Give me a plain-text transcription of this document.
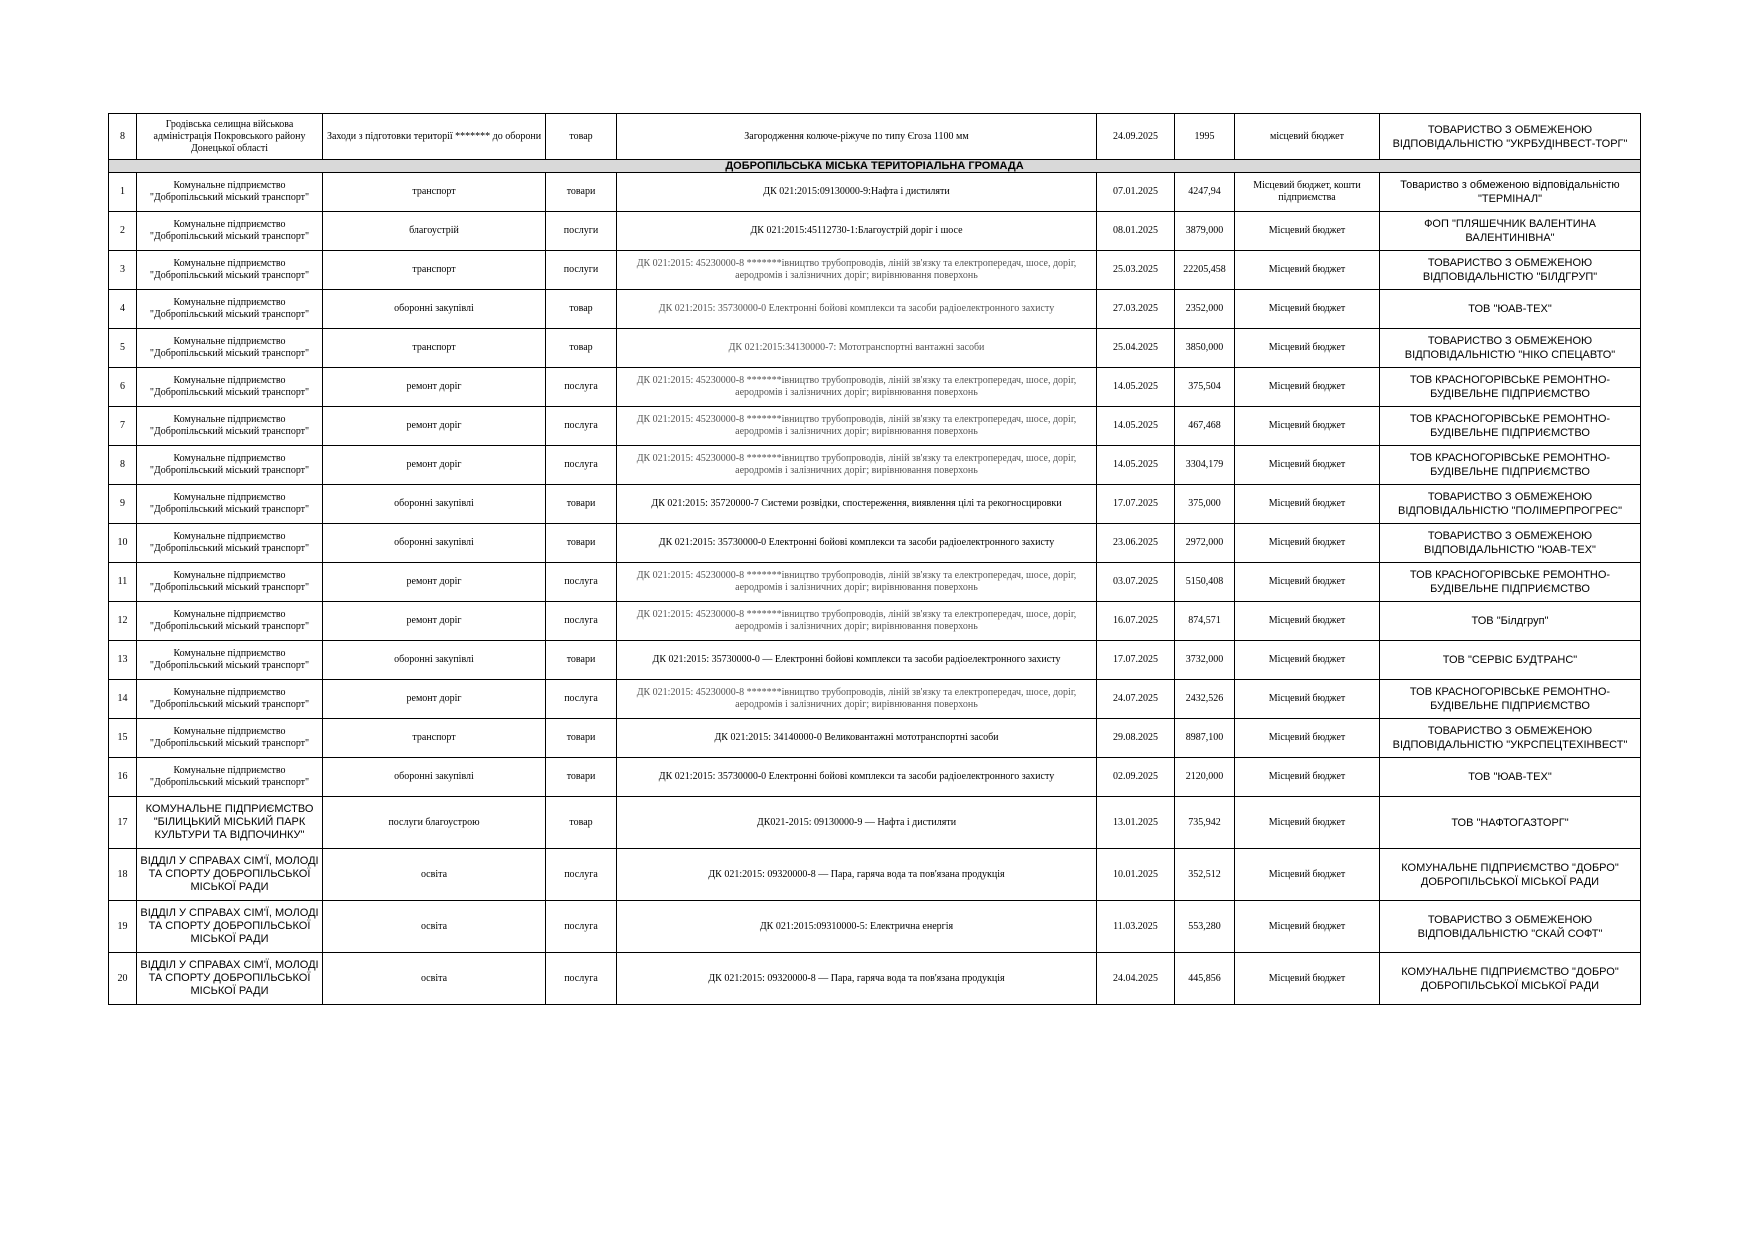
8	Гродівська селищна військова адміністрація Покровського району Донецької області	Заходи з підготовки території ******* до оборони	товар	Загородження колюче-ріжуче по типу Єгоза 1100 мм	24.09.2025	1995	місцевий бюджет	ТОВАРИСТВО З ОБМЕЖЕНОЮ ВІДПОВІДАЛЬНІСТЮ "УКРБУДІНВЕСТ-ТОРГ"
ДОБРОПІЛЬСЬКА МІСЬКА ТЕРИТОРІАЛЬНА ГРОМАДА								
1	Комунальне підприємство "Добропільський міський транспорт"	транспорт	товари	ДК 021:2015:09130000-9:Нафта і дистиляти	07.01.2025	4247,94	Місцевий бюджет, кошти підприємства	Товариство з обмеженою відповідальністю "ТЕРМІНАЛ"
2	Комунальне підприємство "Добропільський міський транспорт"	благоустрій	послуги	ДК 021:2015:45112730-1:Благоустрій доріг і шосе	08.01.2025	3879,000	Місцевий бюджет	ФОП "ПЛЯШЕЧНИК ВАЛЕНТИНА ВАЛЕНТИНІВНА"
3	Комунальне підприємство "Добропільський міський транспорт"	транспорт	послуги	ДК 021:2015: 45230000-8 *******івництво трубопроводів, ліній зв'язку та електропередач, шосе, доріг, аеродромів і залізничних доріг; вирівнювання поверхонь	25.03.2025	22205,458	Місцевий бюджет	ТОВАРИСТВО З ОБМЕЖЕНОЮ ВІДПОВІДАЛЬНІСТЮ "БІЛДГРУП"
4	Комунальне підприємство "Добропільський міський транспорт"	оборонні закупівлі	товар	ДК 021:2015: 35730000-0 Електронні бойові комплекси та засоби радіоелектронного захисту	27.03.2025	2352,000	Місцевий бюджет	ТОВ "ЮАВ-ТЕХ"
5	Комунальне підприємство "Добропільський міський транспорт"	транспорт	товар	ДК 021:2015:34130000-7: Мототранспортні вантажні засоби	25.04.2025	3850,000	Місцевий бюджет	ТОВАРИСТВО З ОБМЕЖЕНОЮ ВІДПОВІДАЛЬНІСТЮ "НІКО СПЕЦАВТО"
6	Комунальне підприємство "Добропільський міський транспорт"	ремонт доріг	послуга	ДК 021:2015: 45230000-8 *******івництво трубопроводів, ліній зв'язку та електропередач, шосе, доріг, аеродромів і залізничних доріг; вирівнювання поверхонь	14.05.2025	375,504	Місцевий бюджет	ТОВ КРАСНОГОРІВСЬКЕ РЕМОНТНО-БУДІВЕЛЬНЕ ПІДПРИЄМСТВО
7	Комунальне підприємство "Добропільський міський транспорт"	ремонт доріг	послуга	ДК 021:2015: 45230000-8 *******івництво трубопроводів, ліній зв'язку та електропередач, шосе, доріг, аеродромів і залізничних доріг; вирівнювання поверхонь	14.05.2025	467,468	Місцевий бюджет	ТОВ КРАСНОГОРІВСЬКЕ РЕМОНТНО-БУДІВЕЛЬНЕ ПІДПРИЄМСТВО
8	Комунальне підприємство "Добропільський міський транспорт"	ремонт доріг	послуга	ДК 021:2015: 45230000-8 *******івництво трубопроводів, ліній зв'язку та електропередач, шосе, доріг, аеродромів і залізничних доріг; вирівнювання поверхонь	14.05.2025	3304,179	Місцевий бюджет	ТОВ КРАСНОГОРІВСЬКЕ РЕМОНТНО-БУДІВЕЛЬНЕ ПІДПРИЄМСТВО
9	Комунальне підприємство "Добропільський міський транспорт"	оборонні закупівлі	товари	ДК 021:2015: 35720000-7 Системи розвідки, спостереження, виявлення цілі та рекогносцировки	17.07.2025	375,000	Місцевий бюджет	ТОВАРИСТВО З ОБМЕЖЕНОЮ ВІДПОВІДАЛЬНІСТЮ "ПОЛІМЕРПРОГРЕС"
10	Комунальне підприємство "Добропільський міський транспорт"	оборонні закупівлі	товари	ДК 021:2015: 35730000-0 Електронні бойові комплекси та засоби радіоелектронного захисту	23.06.2025	2972,000	Місцевий бюджет	ТОВАРИСТВО З ОБМЕЖЕНОЮ ВІДПОВІДАЛЬНІСТЮ "ЮАВ-ТЕХ"
11	Комунальне підприємство "Добропільський міський транспорт"	ремонт доріг	послуга	ДК 021:2015: 45230000-8 *******івництво трубопроводів, ліній зв'язку та електропередач, шосе, доріг, аеродромів і залізничних доріг; вирівнювання поверхонь	03.07.2025	5150,408	Місцевий бюджет	ТОВ КРАСНОГОРІВСЬКЕ РЕМОНТНО-БУДІВЕЛЬНЕ ПІДПРИЄМСТВО
12	Комунальне підприємство "Добропільський міський транспорт"	ремонт доріг	послуга	ДК 021:2015: 45230000-8 *******івництво трубопроводів, ліній зв'язку та електропередач, шосе, доріг, аеродромів і залізничних доріг; вирівнювання поверхонь	16.07.2025	874,571	Місцевий бюджет	ТОВ "Білдгруп"
13	Комунальне підприємство "Добропільський міський транспорт"	оборонні закупівлі	товари	ДК 021:2015: 35730000-0 — Електронні бойові комплекси та засоби радіоелектронного захисту	17.07.2025	3732,000	Місцевий бюджет	ТОВ "СЕРВІС БУДТРАНС"
14	Комунальне підприємство "Добропільський міський транспорт"	ремонт доріг	послуга	ДК 021:2015: 45230000-8 *******івництво трубопроводів, ліній зв'язку та електропередач, шосе, доріг, аеродромів і залізничних доріг; вирівнювання поверхонь	24.07.2025	2432,526	Місцевий бюджет	ТОВ КРАСНОГОРІВСЬКЕ РЕМОНТНО-БУДІВЕЛЬНЕ ПІДПРИЄМСТВО
15	Комунальне підприємство "Добропільський міський транспорт"	транспорт	товари	ДК 021:2015: 34140000-0 Великовантажні мототранспортні засоби	29.08.2025	8987,100	Місцевий бюджет	ТОВАРИСТВО З ОБМЕЖЕНОЮ ВІДПОВІДАЛЬНІСТЮ "УКРСПЕЦТЕХІНВЕСТ"
16	Комунальне підприємство "Добропільський міський транспорт"	оборонні закупівлі	товари	ДК 021:2015: 35730000-0 Електронні бойові комплекси та засоби радіоелектронного захисту	02.09.2025	2120,000	Місцевий бюджет	ТОВ "ЮАВ-ТЕХ"
17	КОМУНАЛЬНЕ ПІДПРИЄМСТВО "БІЛИЦЬКИЙ МІСЬКИЙ ПАРК КУЛЬТУРИ ТА ВІДПОЧИНКУ"	послуги благоустрою	товар	ДК021-2015: 09130000-9 — Нафта і дистиляти	13.01.2025	735,942	Місцевий бюджет	ТОВ "НАФТОГАЗТОРГ"
18	ВІДДІЛ У СПРАВАХ СІМ'Ї, МОЛОДІ ТА СПОРТУ ДОБРОПІЛЬСЬКОЇ МІСЬКОЇ РАДИ	освіта	послуга	ДК 021:2015: 09320000-8 — Пара, гаряча вода та пов'язана продукція	10.01.2025	352,512	Місцевий бюджет	КОМУНАЛЬНЕ ПІДПРИЄМСТВО "ДОБРО" ДОБРОПІЛЬСЬКОЇ МІСЬКОЇ РАДИ
19	ВІДДІЛ У СПРАВАХ СІМ'Ї, МОЛОДІ ТА СПОРТУ ДОБРОПІЛЬСЬКОЇ МІСЬКОЇ РАДИ	освіта	послуга	ДК 021:2015:09310000-5: Електрична енергія	11.03.2025	553,280	Місцевий бюджет	ТОВАРИСТВО З ОБМЕЖЕНОЮ ВІДПОВІДАЛЬНІСТЮ "СКАЙ СОФТ"
20	ВІДДІЛ У СПРАВАХ СІМ'Ї, МОЛОДІ ТА СПОРТУ ДОБРОПІЛЬСЬКОЇ МІСЬКОЇ РАДИ	освіта	послуга	ДК 021:2015: 09320000-8 — Пара, гаряча вода та пов'язана продукція	24.04.2025	445,856	Місцевий бюджет	КОМУНАЛЬНЕ ПІДПРИЄМСТВО "ДОБРО" ДОБРОПІЛЬСЬКОЇ МІСЬКОЇ РАДИ
